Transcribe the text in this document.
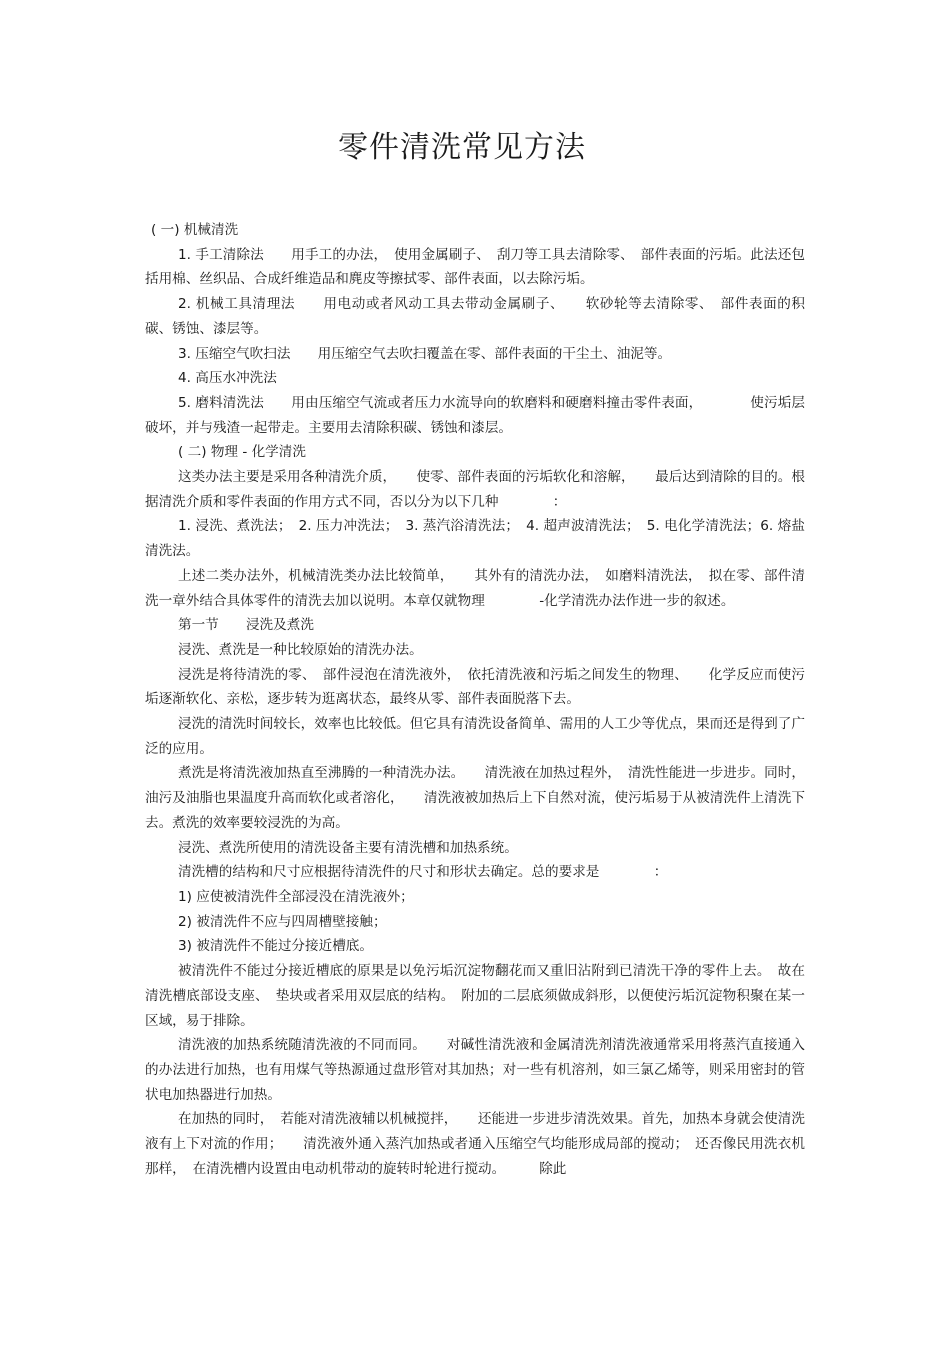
零件清洗常见方法

( 一) 机械清洗

1. 手工清除法　　用手工的办法，　使用金属刷子、　刮刀等工具去清除零、　部件表面的污垢。此法还包括用棉、丝织品、合成纤维造品和麂皮等擦拭零、部件表面，以去除污垢。

2. 机械工具清理法　　用电动或者风动工具去带动金属刷子、　　软砂轮等去清除零、　部件表面的积碳、锈蚀、漆层等。

3. 压缩空气吹扫法　　用压缩空气去吹扫覆盖在零、部件表面的干尘土、油泥等。

4. 高压水冲洗法

5. 磨料清洗法　　用由压缩空气流或者压力水流导向的软磨料和硬磨料撞击零件表面，　　　　使污垢层破坏，并与残渣一起带走。主要用去清除积碳、锈蚀和漆层。

( 二) 物理 - 化学清洗

这类办法主要是采用各种清洗介质，　　使零、部件表面的污垢软化和溶解，　　最后达到清除的目的。根据清洗介质和零件表面的作用方式不同，否以分为以下几种　　　　：

1. 浸洗、煮洗法；　2. 压力冲洗法；　3. 蒸汽浴清洗法；　4. 超声波清洗法；　5. 电化学清洗法；6. 熔盐清洗法。

上述二类办法外，机械清洗类办法比较简单，　　其外有的清洗办法，　如磨料清洗法，　拟在零、部件清洗一章外结合具体零件的清洗去加以说明。本章仅就物理　　　　-化学清洗办法作进一步的叙述。

第一节　　浸洗及煮洗

浸洗、煮洗是一种比较原始的清洗办法。

浸洗是将待清洗的零、　部件浸泡在清洗液外，　依托清洗液和污垢之间发生的物理、　　化学反应而使污垢逐渐软化、亲松，逐步转为逛离状态，最终从零、部件表面脱落下去。

浸洗的清洗时间较长，效率也比较低。但它具有清洗设备简单、需用的人工少等优点，果而还是得到了广泛的应用。

煮洗是将清洗液加热直至沸腾的一种清洗办法。　　清洗液在加热过程外，　清洗性能进一步进步。同时，油污及油脂也果温度升高而软化或者溶化，　　清洗液被加热后上下自然对流，使污垢易于从被清洗件上清洗下去。煮洗的效率要较浸洗的为高。

浸洗、煮洗所使用的清洗设备主要有清洗槽和加热系统。

清洗槽的结构和尺寸应根据待清洗件的尺寸和形状去确定。总的要求是　　　　：

1) 应使被清洗件全部浸没在清洗液外；

2) 被清洗件不应与四周槽壁接触；

3) 被清洗件不能过分接近槽底。

被清洗件不能过分接近槽底的原果是以免污垢沉淀物翻花而又重旧沾附到已清洗干净的零件上去。　故在清洗槽底部设支座、　垫块或者采用双层底的结构。　附加的二层底须做成斜形，以便使污垢沉淀物积聚在某一区域，易于排除。

清洗液的加热系统随清洗液的不同而同。　　对碱性清洗液和金属清洗剂清洗液通常采用将蒸汽直接通入的办法进行加热，也有用煤气等热源通过盘形管对其加热；对一些有机溶剂，如三氯乙烯等，则采用密封的管状电加热器进行加热。

在加热的同时，　若能对清洗液辅以机械搅拌，　　还能进一步进步清洗效果。首先，加热本身就会使清洗液有上下对流的作用；　　清洗液外通入蒸汽加热或者通入压缩空气均能形成局部的搅动；　还否像民用洗衣机那样，　在清洗槽内设置由电动机带动的旋转时轮进行搅动。　　　除此
